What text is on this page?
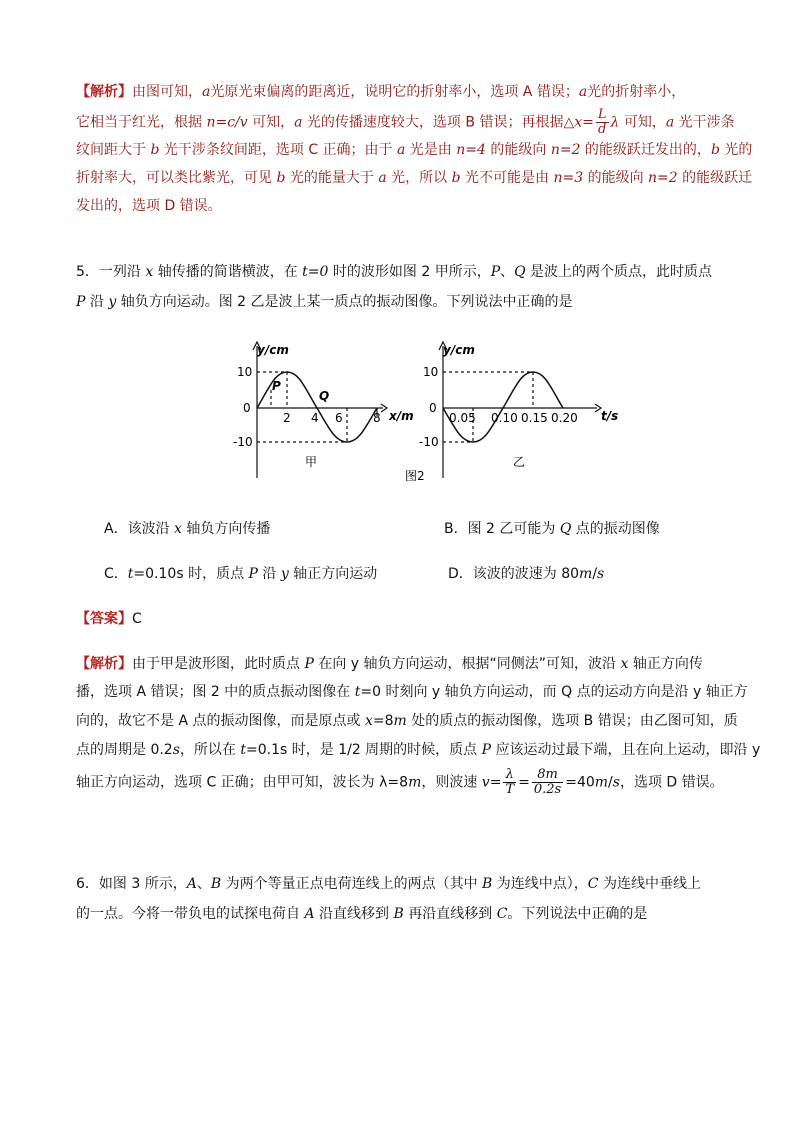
【解析】由图可知，a光原光束偏离的距离近，说明它的折射率小，选项 A 错误；a光的折射率小，
它相当于红光，根据 n=c/v 可知，a 光的传播速度较大，选项 B 错误；再根据△x= $\frac{L}{d}$ λ 可知，a 光干涉条
纹间距大于 b 光干涉条纹间距，选项 C 正确；由于 a 光是由 n=4 的能级向 n=2 的能级跃迁发出的，b 光的
折射率大，可以类比紫光，可见 b 光的能量大于 a 光，所以 b 光不可能是由 n=3 的能级向 n=2 的能级跃迁
发出的，选项 D 错误。
5．一列沿 x 轴传播的简谐横波，在 t=0 时的波形如图 2 甲所示，P、Q 是波上的两个质点，此时质点
P 沿 y 轴负方向运动。图 2 乙是波上某一质点的振动图像。下列说法中正确的是
y/cm
x/m
10
0
-10
2 4 6	8
P
Q
甲
y/cm
t/s
10
0
-10
0.05 0.10 0.15 0.20
乙
图2
A．该波沿 x 轴负方向传播	B．图 2 乙可能为 Q 点的振动图像
C．t=0.10s 时，质点 P 沿 y 轴正方向运动	D．该波的波速为 80m/s
【答案】C
【解析】由于甲是波形图，此时质点 P 在向 y 轴负方向运动，根据“同侧法”可知，波沿 x 轴正方向传
播，选项 A 错误；图 2 中的质点振动图像在 t=0 时刻向 y 轴负方向运动，而 Q 点的运动方向是沿 y 轴正方
向的，故它不是 A 点的振动图像，而是原点或 x=8m 处的质点的振动图像，选项 B 错误；由乙图可知，质
点的周期是 0.2s，所以在 t=0.1s 时，是 1/2 周期的时候，质点 P 应该运动过最下端，且在向上运动，即沿 y
轴正方向运动，选项 C 正确；由甲可知，波长为 λ=8m，则波速 $v= \frac{\lambda}{T} = \frac{8m}{0.2s} =40m/s$，选项 D 错误。
6．如图 3 所示，A、B 为两个等量正点电荷连线上的两点（其中 B 为连线中点），C 为连线中垂线上
的一点。今将一带负电的试探电荷自 A 沿直线移到 B 再沿直线移到 C。下列说法中正确的是
